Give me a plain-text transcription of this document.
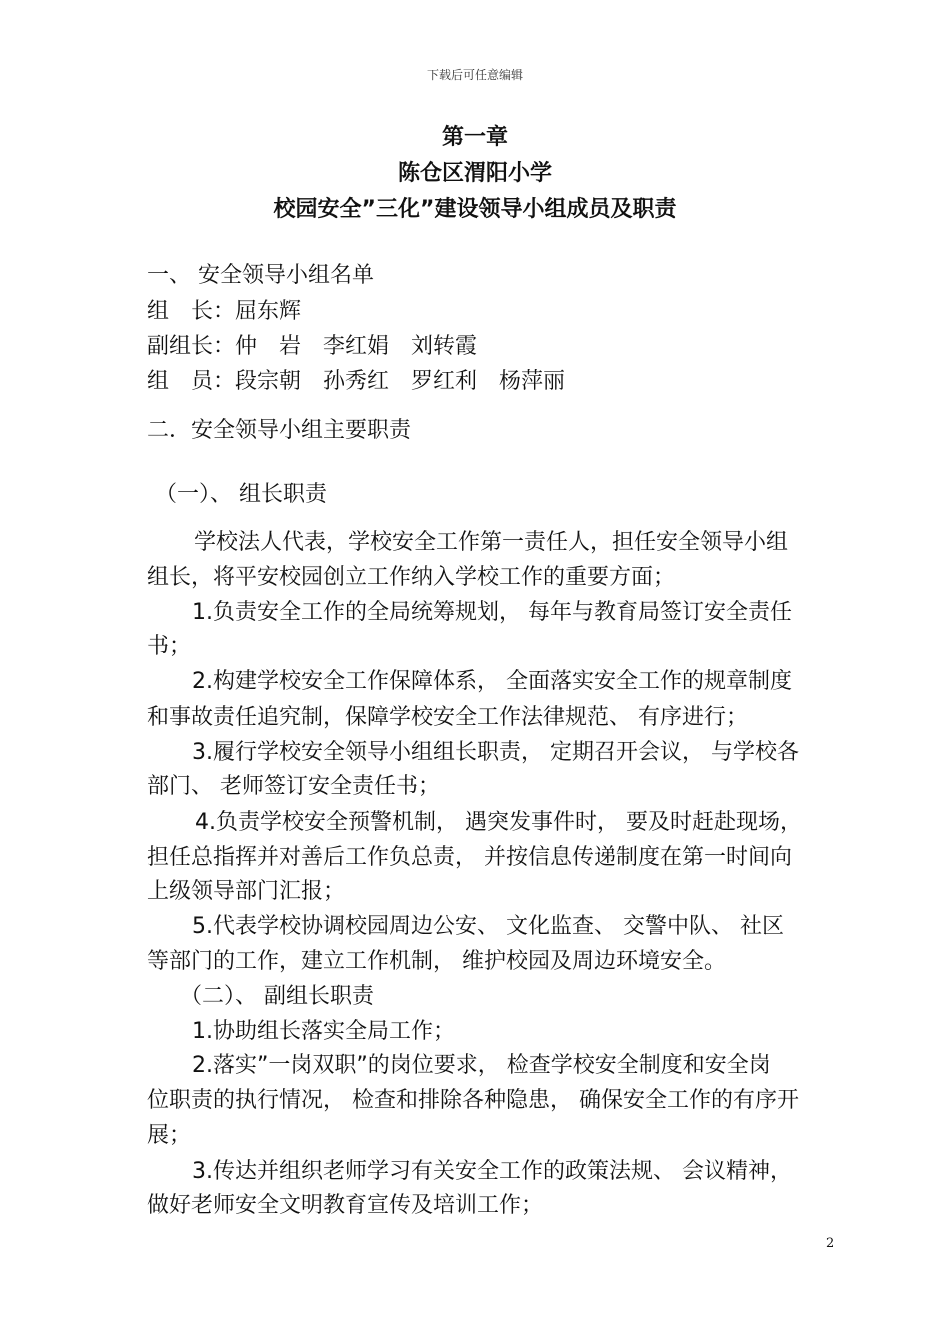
下载后可任意编辑
第一章
陈仓区渭阳小学
校园安全”三化”建设领导小组成员及职责
一、 安全领导小组名单
组　长：屈东辉
副组长：仲　岩　李红娟　刘转霞
组　员：段宗朝　孙秀红　罗红利　杨萍丽
二．安全领导小组主要职责
（一）、 组长职责
学校法人代表，学校安全工作第一责任人，担任安全领导小组
组长，将平安校园创立工作纳入学校工作的重要方面；
1.负责安全工作的全局统筹规划， 每年与教育局签订安全责任
书；
2.构建学校安全工作保障体系， 全面落实安全工作的规章制度
和事故责任追究制，保障学校安全工作法律规范、 有序进行；
3.履行学校安全领导小组组长职责， 定期召开会议， 与学校各
部门、 老师签订安全责任书；
4.负责学校安全预警机制， 遇突发事件时， 要及时赶赴现场，
担任总指挥并对善后工作负总责， 并按信息传递制度在第一时间向
上级领导部门汇报；
5.代表学校协调校园周边公安、 文化监查、 交警中队、 社区
等部门的工作，建立工作机制， 维护校园及周边环境安全。
（二）、 副组长职责
1.协助组长落实全局工作；
2.落实”一岗双职”的岗位要求， 检查学校安全制度和安全岗
位职责的执行情况， 检查和排除各种隐患， 确保安全工作的有序开
展；
3.传达并组织老师学习有关安全工作的政策法规、 会议精神，
做好老师安全文明教育宣传及培训工作；
2
